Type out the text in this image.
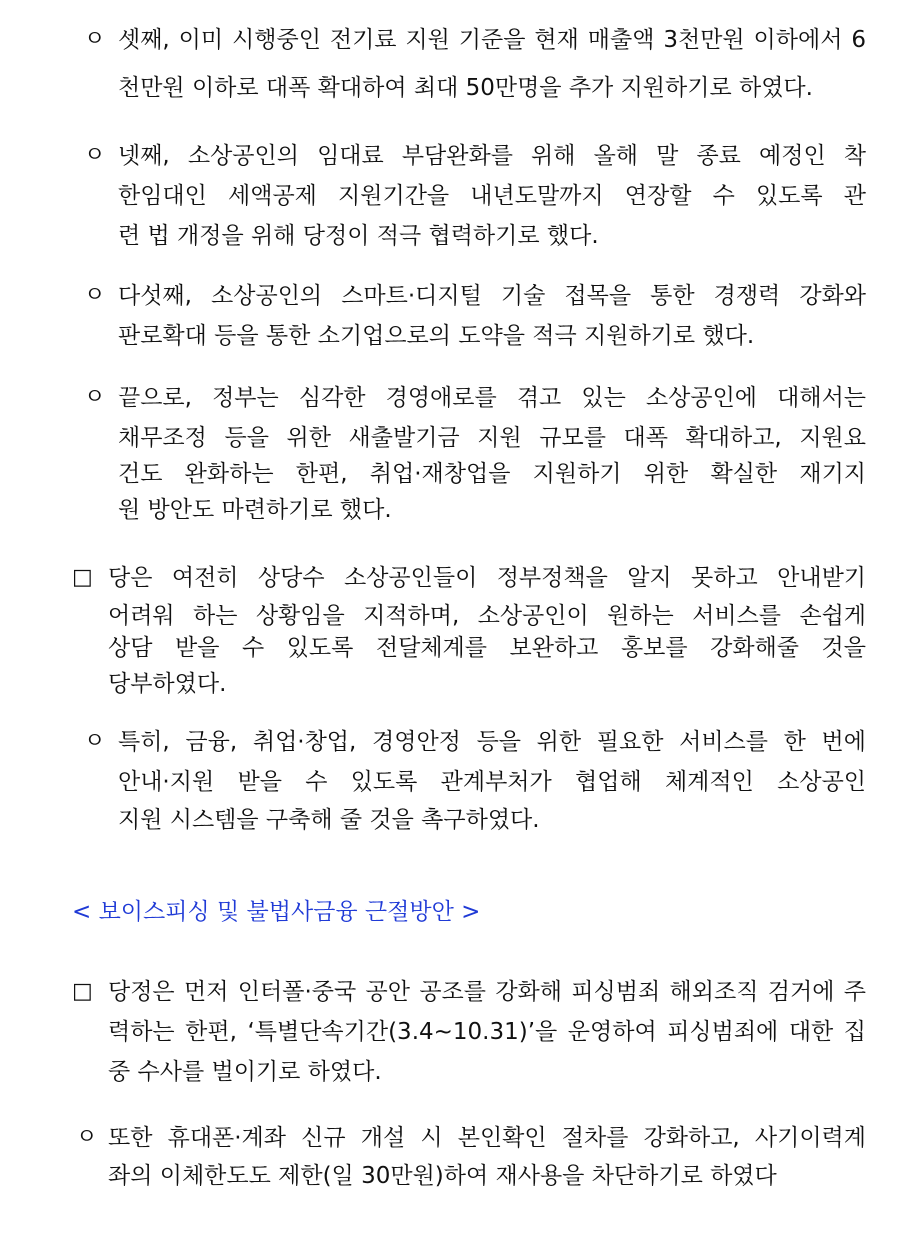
ㅇ 셋째, 이미 시행중인 전기료 지원 기준을 현재 매출액 3천만원 이하에서 6
천만원 이하로 대폭 확대하여 최대 50만명을 추가 지원하기로 하였다.
ㅇ 넷째, 소상공인의 임대료 부담완화를 위해 올해 말 종료 예정인 착
한임대인 세액공제 지원기간을 내년도말까지 연장할 수 있도록 관
련 법 개정을 위해 당정이 적극 협력하기로 했다.
ㅇ 다섯째, 소상공인의 스마트·디지털 기술 접목을 통한 경쟁력 강화와
판로확대 등을 통한 소기업으로의 도약을 적극 지원하기로 했다.
ㅇ 끝으로, 정부는 심각한 경영애로를 겪고 있는 소상공인에 대해서는
채무조정 등을 위한 새출발기금 지원 규모를 대폭 확대하고, 지원요
건도 완화하는 한편, 취업·재창업을 지원하기 위한 확실한 재기지
원 방안도 마련하기로 했다.
□ 당은 여전히 상당수 소상공인들이 정부정책을 알지 못하고 안내받기
어려워 하는 상황임을 지적하며, 소상공인이 원하는 서비스를 손쉽게
상담 받을 수 있도록 전달체계를 보완하고 홍보를 강화해줄 것을
당부하였다.
ㅇ 특히, 금융, 취업·창업, 경영안정 등을 위한 필요한 서비스를 한 번에
안내·지원 받을 수 있도록 관계부처가 협업해 체계적인 소상공인
지원 시스템을 구축해 줄 것을 촉구하였다.
< 보이스피싱 및 불법사금융 근절방안 >
□ 당정은 먼저 인터폴·중국 공안 공조를 강화해 피싱범죄 해외조직 검거에 주
력하는 한편, ‘특별단속기간(3.4~10.31)’을 운영하여 피싱범죄에 대한 집
중 수사를 벌이기로 하였다.
ㅇ 또한 휴대폰·계좌 신규 개설 시 본인확인 절차를 강화하고, 사기이력계
좌의 이체한도도 제한(일 30만원)하여 재사용을 차단하기로 하였다
